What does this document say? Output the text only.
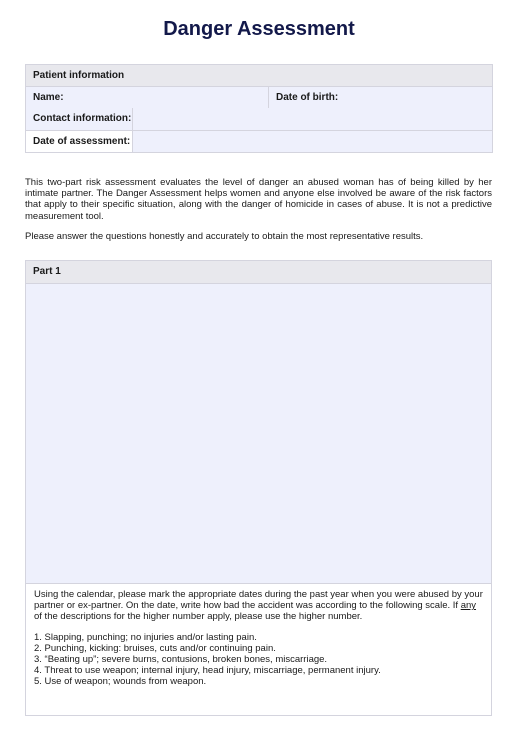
Danger Assessment
Patient information
Name:	Date of birth:
Contact information:	
Date of assessment:	

This two-part risk assessment evaluates the level of danger an abused woman has of being killed by her intimate partner. The Danger Assessment helps women and anyone else involved be aware of the risk factors that apply to their specific situation, along with the danger of homicide in cases of abuse. It is not a predictive measurement tool.

Please answer the questions honestly and accurately to obtain the most representative results.

Part 1

Using the calendar, please mark the appropriate dates during the past year when you were abused by your partner or ex-partner. On the date, write how bad the accident was according to the following scale. If any of the descriptions for the higher number apply, please use the higher number.

1. Slapping, punching; no injuries and/or lasting pain.
2. Punching, kicking: bruises, cuts and/or continuing pain.
3. “Beating up”; severe burns, contusions, broken bones, miscarriage.
4. Threat to use weapon; internal injury, head injury, miscarriage, permanent injury.
5. Use of weapon; wounds from weapon.
